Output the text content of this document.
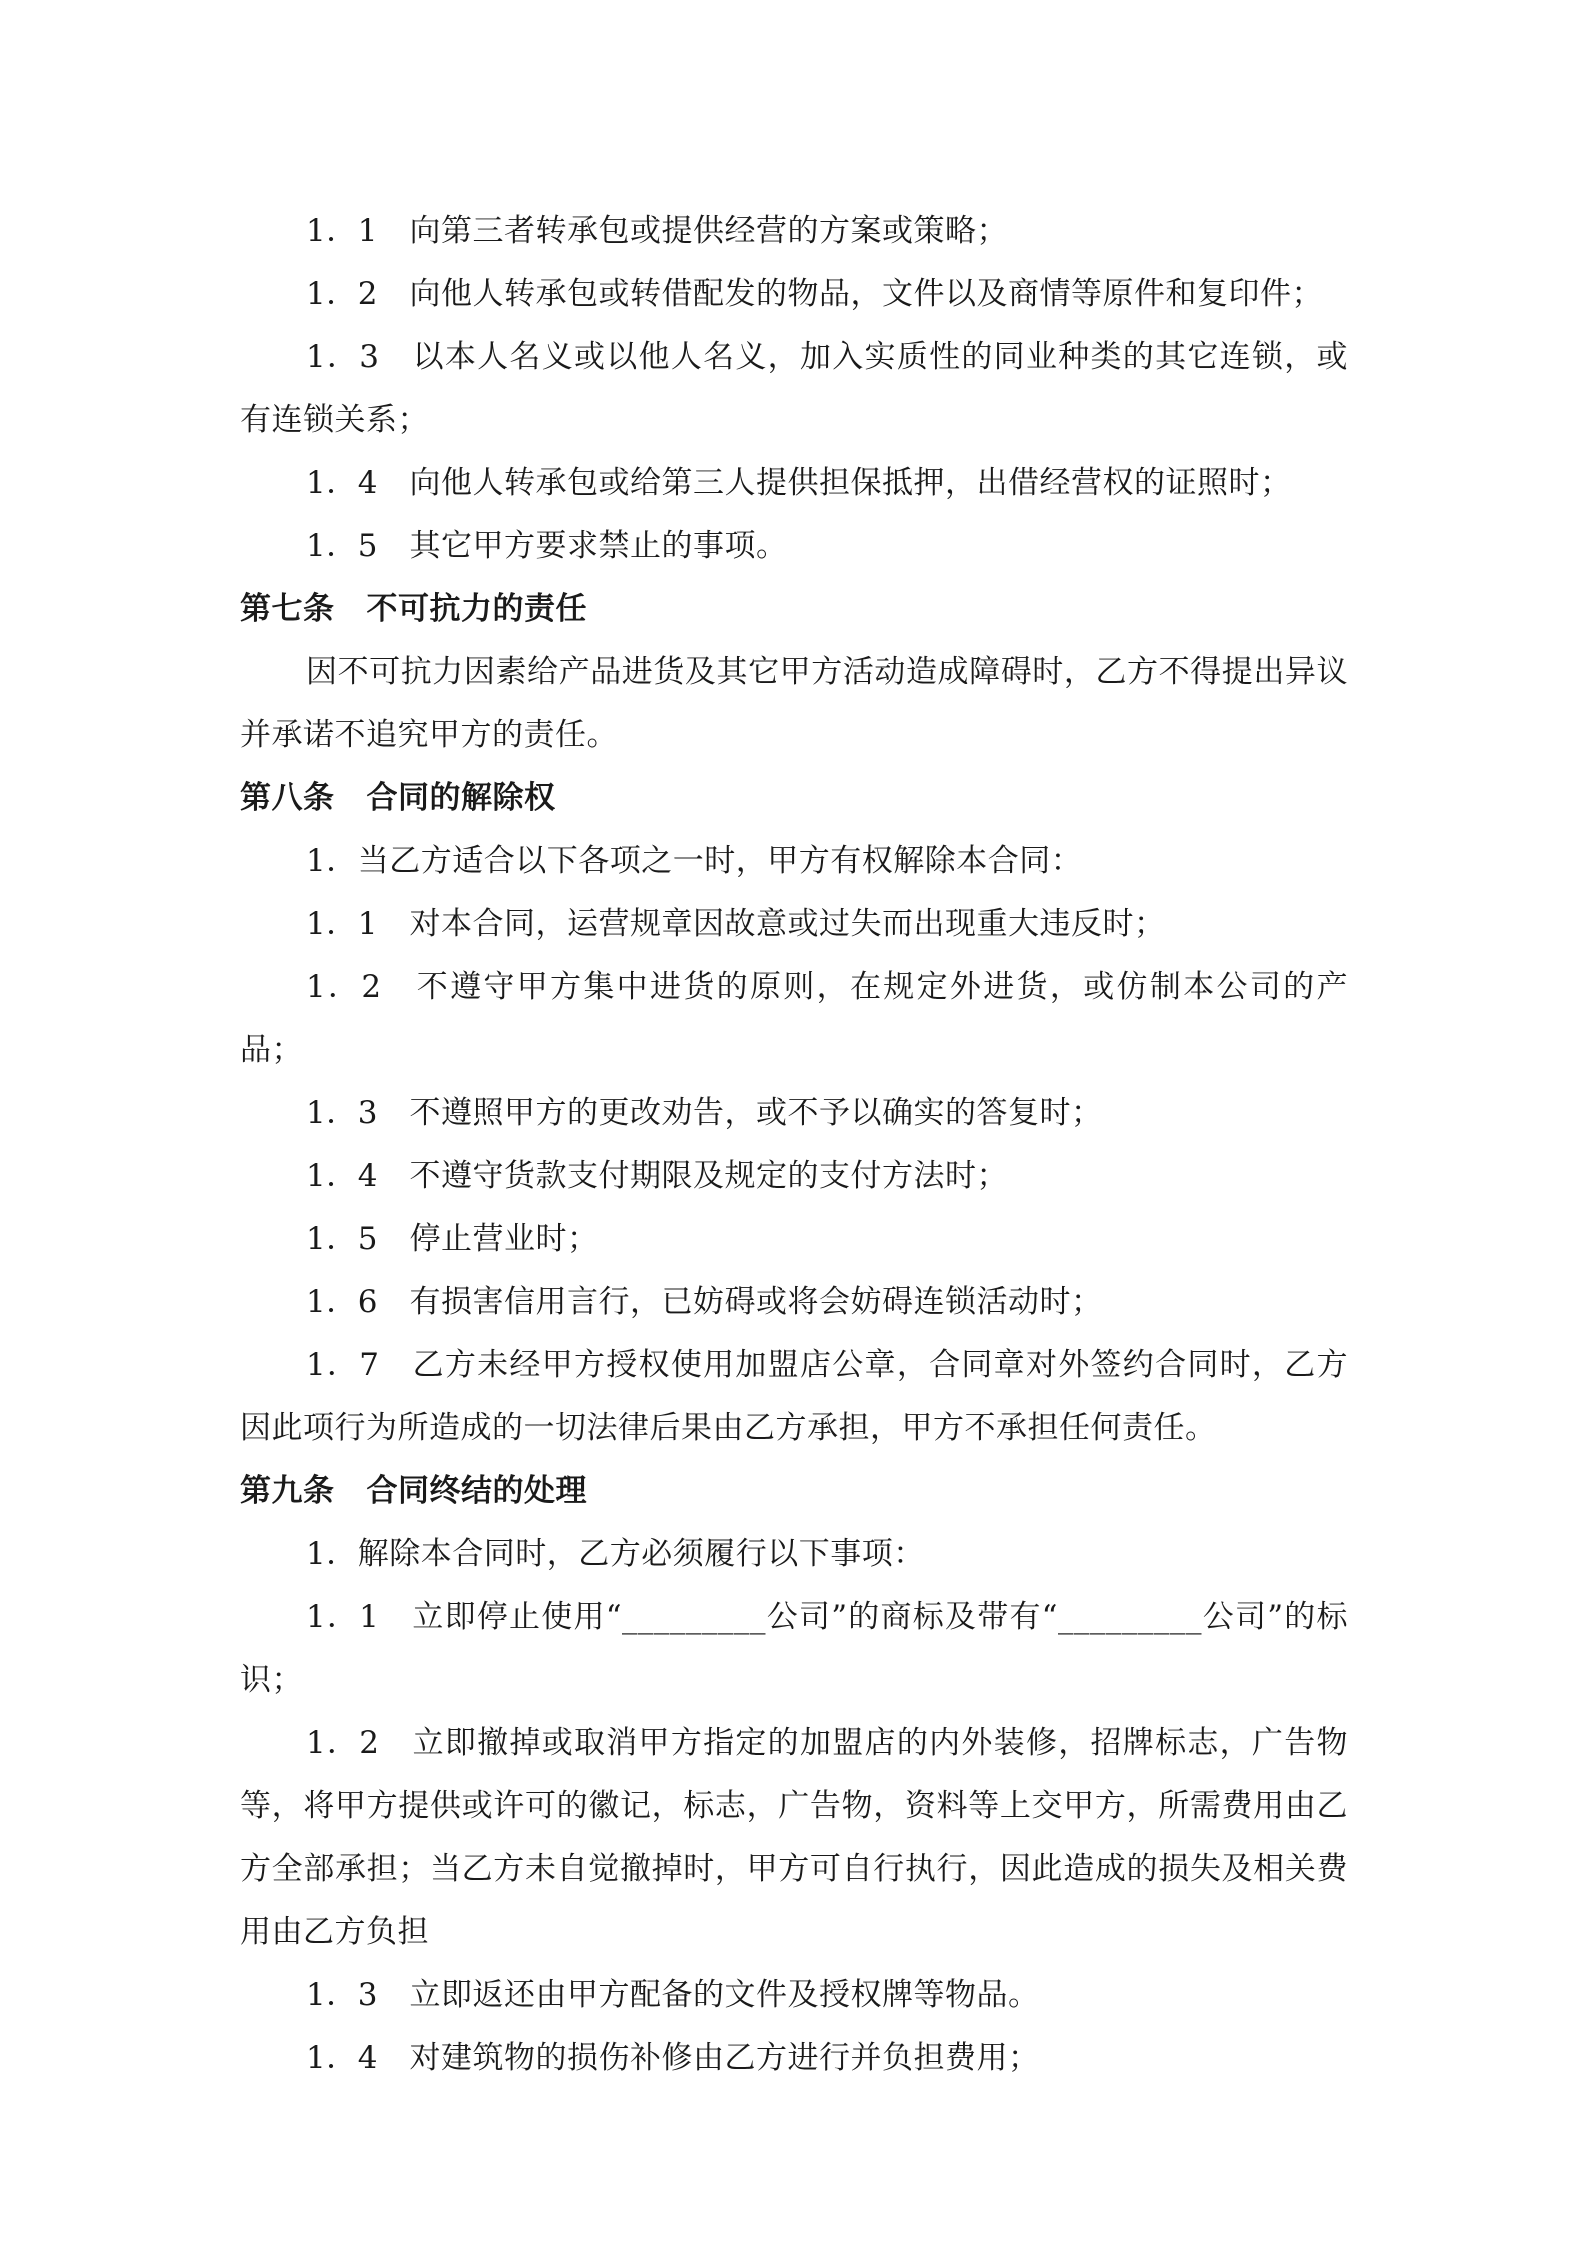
1．1　向第三者转承包或提供经营的方案或策略；

1．2　向他人转承包或转借配发的物品，文件以及商情等原件和复印件；

1．3　以本人名义或以他人名义，加入实质性的同业种类的其它连锁，或有连锁关系；

1．4　向他人转承包或给第三人提供担保抵押，出借经营权的证照时；

1．5　其它甲方要求禁止的事项。

第七条 不可抗力的责任

因不可抗力因素给产品进货及其它甲方活动造成障碍时，乙方不得提出异议并承诺不追究甲方的责任。

第八条 合同的解除权

1．当乙方适合以下各项之一时，甲方有权解除本合同：

1．1　对本合同，运营规章因故意或过失而出现重大违反时；

1．2　不遵守甲方集中进货的原则，在规定外进货，或仿制本公司的产品；

1．3　不遵照甲方的更改劝告，或不予以确实的答复时；

1．4　不遵守货款支付期限及规定的支付方法时；

1．5　停止营业时；

1．6　有损害信用言行，已妨碍或将会妨碍连锁活动时；

1．7　乙方未经甲方授权使用加盟店公章，合同章对外签约合同时，乙方因此项行为所造成的一切法律后果由乙方承担，甲方不承担任何责任。

第九条 合同终结的处理

1．解除本合同时，乙方必须履行以下事项：

1．1　立即停止使用“_________公司”的商标及带有“_________公司”的标识；

1．2　立即撤掉或取消甲方指定的加盟店的内外装修，招牌标志，广告物等，将甲方提供或许可的徽记，标志，广告物，资料等上交甲方，所需费用由乙方全部承担；当乙方未自觉撤掉时，甲方可自行执行，因此造成的损失及相关费用由乙方负担

1．3　立即返还由甲方配备的文件及授权牌等物品。

1．4　对建筑物的损伤补修由乙方进行并负担费用；
